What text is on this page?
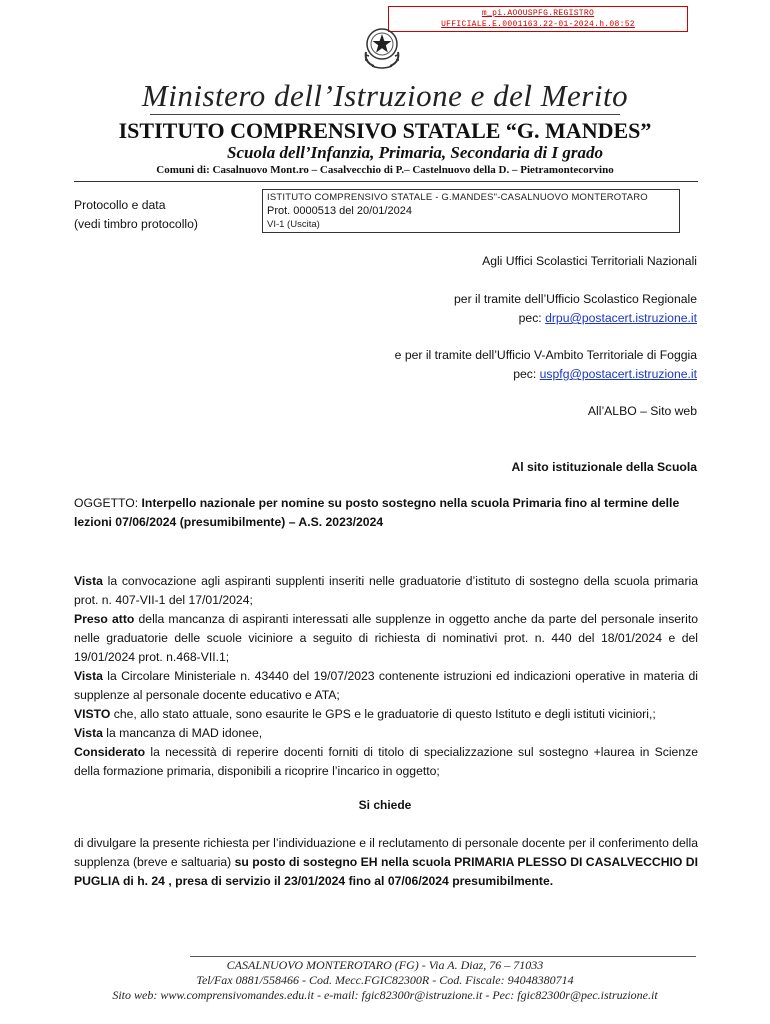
m_pi.AOOUSPFG.REGISTRO
UFFICIALE.E.0001163.22-01-2024.h.08:52
Ministero dell’Istruzione e del Merito
ISTITUTO COMPRENSIVO STATALE “G. MANDES”
Scuola dell’Infanzia, Primaria, Secondaria di I grado
Comuni di: Casalnuovo Mont.ro – Casalvecchio di P.– Castelnuovo della D. – Pietramontecorvino
Protocollo e data
(vedi timbro protocollo)
ISTITUTO COMPRENSIVO STATALE - G.MANDES"-CASALNUOVO MONTEROTARO
Prot. 0000513 del 20/01/2024
VI-1 (Uscita)
Agli Uffici Scolastici Territoriali Nazionali
per il tramite dell’Ufficio Scolastico Regionale
pec: drpu@postacert.istruzione.it
e per il tramite dell’Ufficio V-Ambito Territoriale di Foggia
pec: uspfg@postacert.istruzione.it
All’ALBO – Sito web
Al sito istituzionale della Scuola
OGGETTO: Interpello nazionale per nomine su posto sostegno nella scuola Primaria fino al termine delle lezioni 07/06/2024 (presumibilmente) – A.S. 2023/2024

Vista la convocazione agli aspiranti supplenti inseriti nelle graduatorie d’istituto di sostegno della scuola primaria prot. n. 407-VII-1 del 17/01/2024;

Preso atto della mancanza di aspiranti interessati alle supplenze in oggetto anche da parte del personale inserito nelle graduatorie delle scuole viciniore a seguito di richiesta di nominativi prot. n. 440 del 18/01/2024 e del 19/01/2024 prot. n.468-VII.1;

Vista la Circolare Ministeriale n. 43440 del 19/07/2023 contenente istruzioni ed indicazioni operative in materia di supplenze al personale docente educativo e ATA;

VISTO che, allo stato attuale, sono esaurite le GPS e le graduatorie di questo Istituto e degli istituti viciniori,;

Vista la mancanza di MAD idonee,

Considerato la necessità di reperire docenti forniti di titolo di specializzazione sul sostegno +laurea in Scienze della formazione primaria, disponibili a ricoprire l’incarico in oggetto;

Si chiede
di divulgare la presente richiesta per l’individuazione e il reclutamento di personale docente per il conferimento della supplenza (breve e saltuaria) su posto di sostegno EH nella scuola PRIMARIA PLESSO DI CASALVECCHIO DI PUGLIA di h. 24 , presa di servizio il 23/01/2024 fino al 07/06/2024 presumibilmente.
CASALNUOVO MONTEROTARO (FG) - Via A. Diaz, 76 – 71033
Tel/Fax 0881/558466 - Cod. Mecc.FGIC82300R - Cod. Fiscale: 94048380714
Sito web: www.comprensivomandes.edu.it - e-mail: fgic82300r@istruzione.it - Pec: fgic82300r@pec.istruzione.it
